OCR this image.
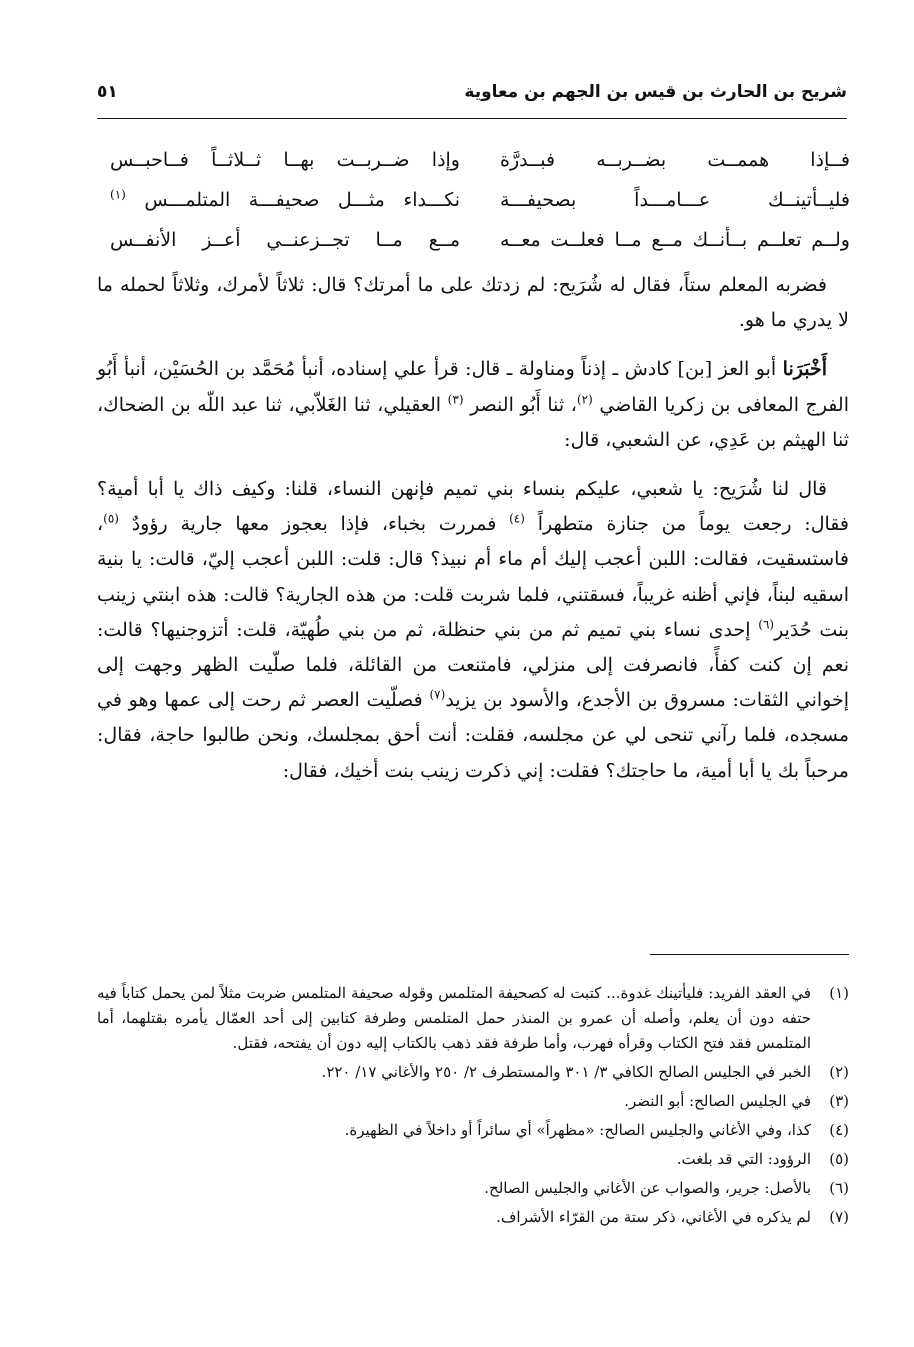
شريح بن الحارث بن قيس بن الجهم بن معاوية
٥١
فــإذا هممــت بضــربــه فبــدرَّة
وإذا ضــربــت بهــا ثــلاثــاً فــاحبــس
فليــأتينــك عـــامـــداً بصحيفـــة
نكـــداء مثـــل صحيفـــة المتلمـــس $^{(١)}$
ولــم تعلــم بــأنــك مــع مــا فعلــت معــه
مــع مــا تجــزعنــي أعــز الأنفــس

فضربه المعلم ستاً، فقال له شُرَيح: لم زدتك على ما أمرتك؟ قال: ثلاثاً لأمرك، وثلاثاً لحمله ما لا يدري ما هو.

أَخْبَرَنا أبو العز [بن] كادش ـ إذناً ومناولة ـ قال: قرأ علي إسناده، أنبأ مُحَمَّد بن الحُسَيْن، أنبأ أَبُو الفرج المعافى بن زكريا القاضي $^{(٢)}$، ثنا أَبُو النصر $^{(٣)}$ العقيلي، ثنا الغَلاّبي، ثنا عبد اللّه بن الضحاك، ثنا الهيثم بن عَدِي، عن الشعبي، قال:

قال لنا شُرَيح: يا شعبي، عليكم بنساء بني تميم فإنهن النساء، قلنا: وكيف ذاك يا أبا أمية؟ فقال: رجعت يوماً من جنازة متطهراً $^{(٤)}$ فمررت بخباء، فإذا بعجوز معها جارية رؤودٌ $^{(٥)}$، فاستسقيت، فقالت: اللبن أعجب إليك أم ماء أم نبيذ؟ قال: قلت: اللبن أعجب إليّ، قالت: يا بنية اسقيه لبناً، فإني أظنه غريباً، فسقتني، فلما شربت قلت: من هذه الجارية؟ قالت: هذه ابنتي زينب بنت حُدَير$^{(٦)}$ إحدى نساء بني تميم ثم من بني حنظلة، ثم من بني طُهيّة، قلت: أتزوجنيها؟ قالت: نعم إن كنت كفأً، فانصرفت إلى منزلي، فامتنعت من القائلة، فلما صلّيت الظهر وجهت إلى إخواني الثقات: مسروق بن الأجدع، والأسود بن يزيد$^{(٧)}$ فصلّيت العصر ثم رحت إلى عمها وهو في مسجده، فلما رآني تنحى لي عن مجلسه، فقلت: أنت أحق بمجلسك، ونحن طالبوا حاجة، فقال: مرحباً بك يا أبا أمية، ما حاجتك؟ فقلت: إني ذكرت زينب بنت أخيك، فقال:

(١)
في العقد الفريد: فليأتينك غدوة... كتبت له كصحيفة المتلمس وقوله صحيفة المتلمس ضربت مثلاً لمن يحمل كتاباً فيه حتفه دون أن يعلم، وأصله أن عمرو بن المنذر حمل المتلمس وطرفة كتابين إلى أحد العمّال يأمره بقتلهما، أما المتلمس فقد فتح الكتاب وقرأه فهرب، وأما طرفة فقد ذهب بالكتاب إليه دون أن يفتحه، فقتل.
(٢)
الخبر في الجليس الصالح الكافي ٣/ ٣٠١ والمستطرف ٢/ ٢٥٠ والأغاني ١٧/ ٢٢٠.
(٣)
في الجليس الصالح: أبو النضر.
(٤)
كذا، وفي الأغاني والجليس الصالح: «مظهراً» أي سائراً أو داخلاً في الظهيرة.
(٥)
الرؤود: التي قد بلغت.
(٦)
بالأصل: جرير، والصواب عن الأغاني والجليس الصالح.
(٧)
لم يذكره في الأغاني، ذكر ستة من القرّاء الأشراف.
